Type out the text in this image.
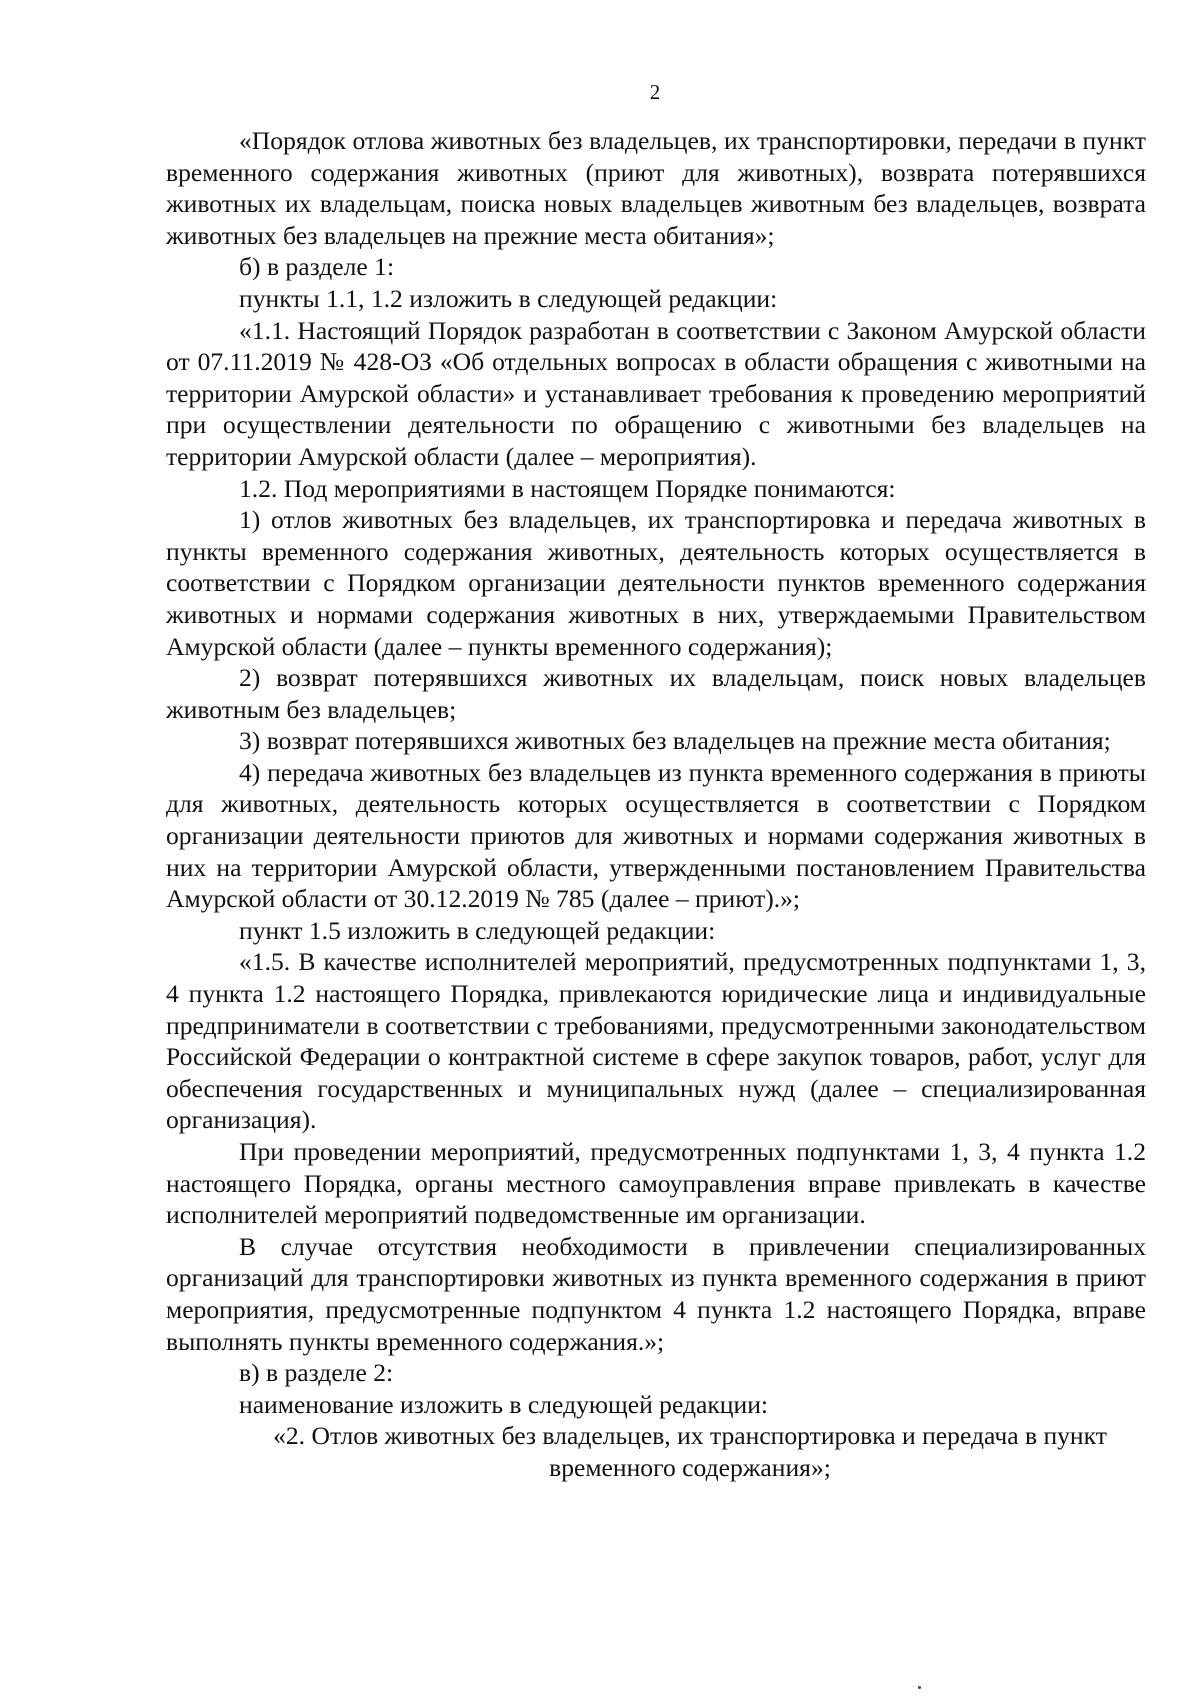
2

«Порядок отлова животных без владельцев, их транспортировки, передачи в пункт временного содержания животных (приют для животных), возврата потерявшихся животных их владельцам, поиска новых владельцев животным без владельцев, возврата животных без владельцев на прежние места обитания»;

б) в разделе 1:

пункты 1.1, 1.2 изложить в следующей редакции:

«1.1. Настоящий Порядок разработан в соответствии с Законом Амурской области от 07.11.2019 № 428-ОЗ «Об отдельных вопросах в области обращения с животными на территории Амурской области» и устанавливает требования к проведению мероприятий при осуществлении деятельности по обращению с животными без владельцев на территории Амурской области (далее – мероприятия).

1.2. Под мероприятиями в настоящем Порядке понимаются:

1) отлов животных без владельцев, их транспортировка и передача животных в пункты временного содержания животных, деятельность которых осуществляется в соответствии с Порядком организации деятельности пунктов временного содержания животных и нормами содержания животных в них, утверждаемыми Правительством Амурской области (далее – пункты временного содержания);

2) возврат потерявшихся животных их владельцам, поиск новых владельцев животным без владельцев;

3) возврат потерявшихся животных без владельцев на прежние места обитания;

4) передача животных без владельцев из пункта временного содержания в приюты для животных, деятельность которых осуществляется в соответствии с Порядком организации деятельности приютов для животных и нормами содержания животных в них на территории Амурской области, утвержденными постановлением Правительства Амурской области от 30.12.2019 № 785 (далее – приют).»;

пункт 1.5 изложить в следующей редакции:

«1.5. В качестве исполнителей мероприятий, предусмотренных подпунктами 1, 3, 4 пункта 1.2 настоящего Порядка, привлекаются юридические лица и индивидуальные предприниматели в соответствии с требованиями, предусмотренными законодательством Российской Федерации о контрактной системе в сфере закупок товаров, работ, услуг для обеспечения государственных и муниципальных нужд (далее – специализированная организация).

При проведении мероприятий, предусмотренных подпунктами 1, 3, 4 пункта 1.2 настоящего Порядка, органы местного самоуправления вправе привлекать в качестве исполнителей мероприятий подведомственные им организации.

В случае отсутствия необходимости в привлечении специализированных организаций для транспортировки животных из пункта временного содержания в приют мероприятия, предусмотренные подпунктом 4 пункта 1.2 настоящего Порядка, вправе выполнять пункты временного содержания.»;

в) в разделе 2:

наименование изложить в следующей редакции:

«2. Отлов животных без владельцев, их транспортировка и передача в пункт временного содержания»;
